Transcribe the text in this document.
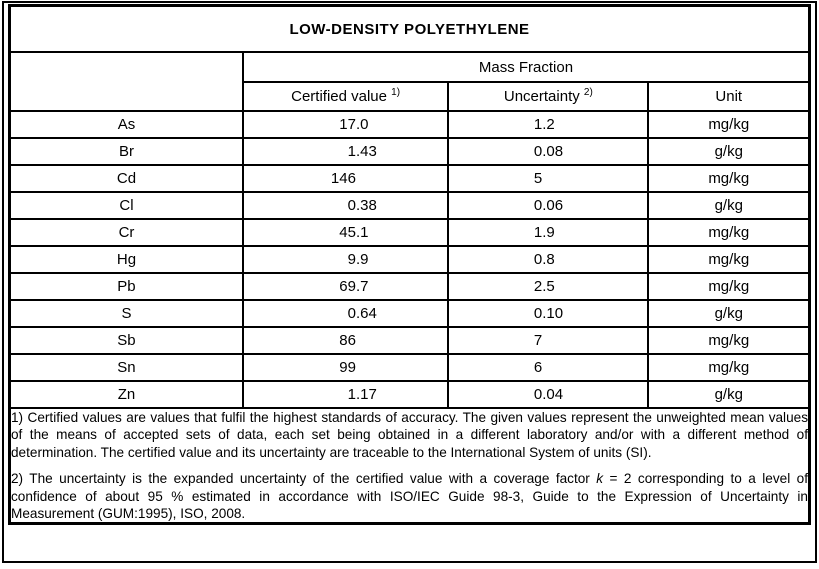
LOW-DENSITY POLYETHYLENE			
	Mass Fraction		
	Certified value $^{1)}$	Uncertainty $^{2)}$	Unit
As	17.0	1.2	mg/kg
Br	1.43	0.08	g/kg
Cd	146	5	mg/kg
Cl	0.38	0.06	g/kg
Cr	45.1	1.9	mg/kg
Hg	9.9	0.8	mg/kg
Pb	69.7	2.5	mg/kg
S	0.64	0.10	g/kg
Sb	86	7	mg/kg
Sn	99	6	mg/kg
Zn	1.17	0.04	g/kg

1) Certified values are values that fulfil the highest standards of accuracy. The given values represent the unweighted mean values of the means of accepted sets of data, each set being obtained in a different laboratory and/or with a different method of determination. The certified value and its uncertainty are traceable to the International System of units (SI).

2) The uncertainty is the expanded uncertainty of the certified value with a coverage factor k = 2 corresponding to a level of confidence of about 95 % estimated in accordance with ISO/IEC Guide 98-3, Guide to the Expression of Uncertainty in Measurement (GUM:1995), ISO, 2008.			
